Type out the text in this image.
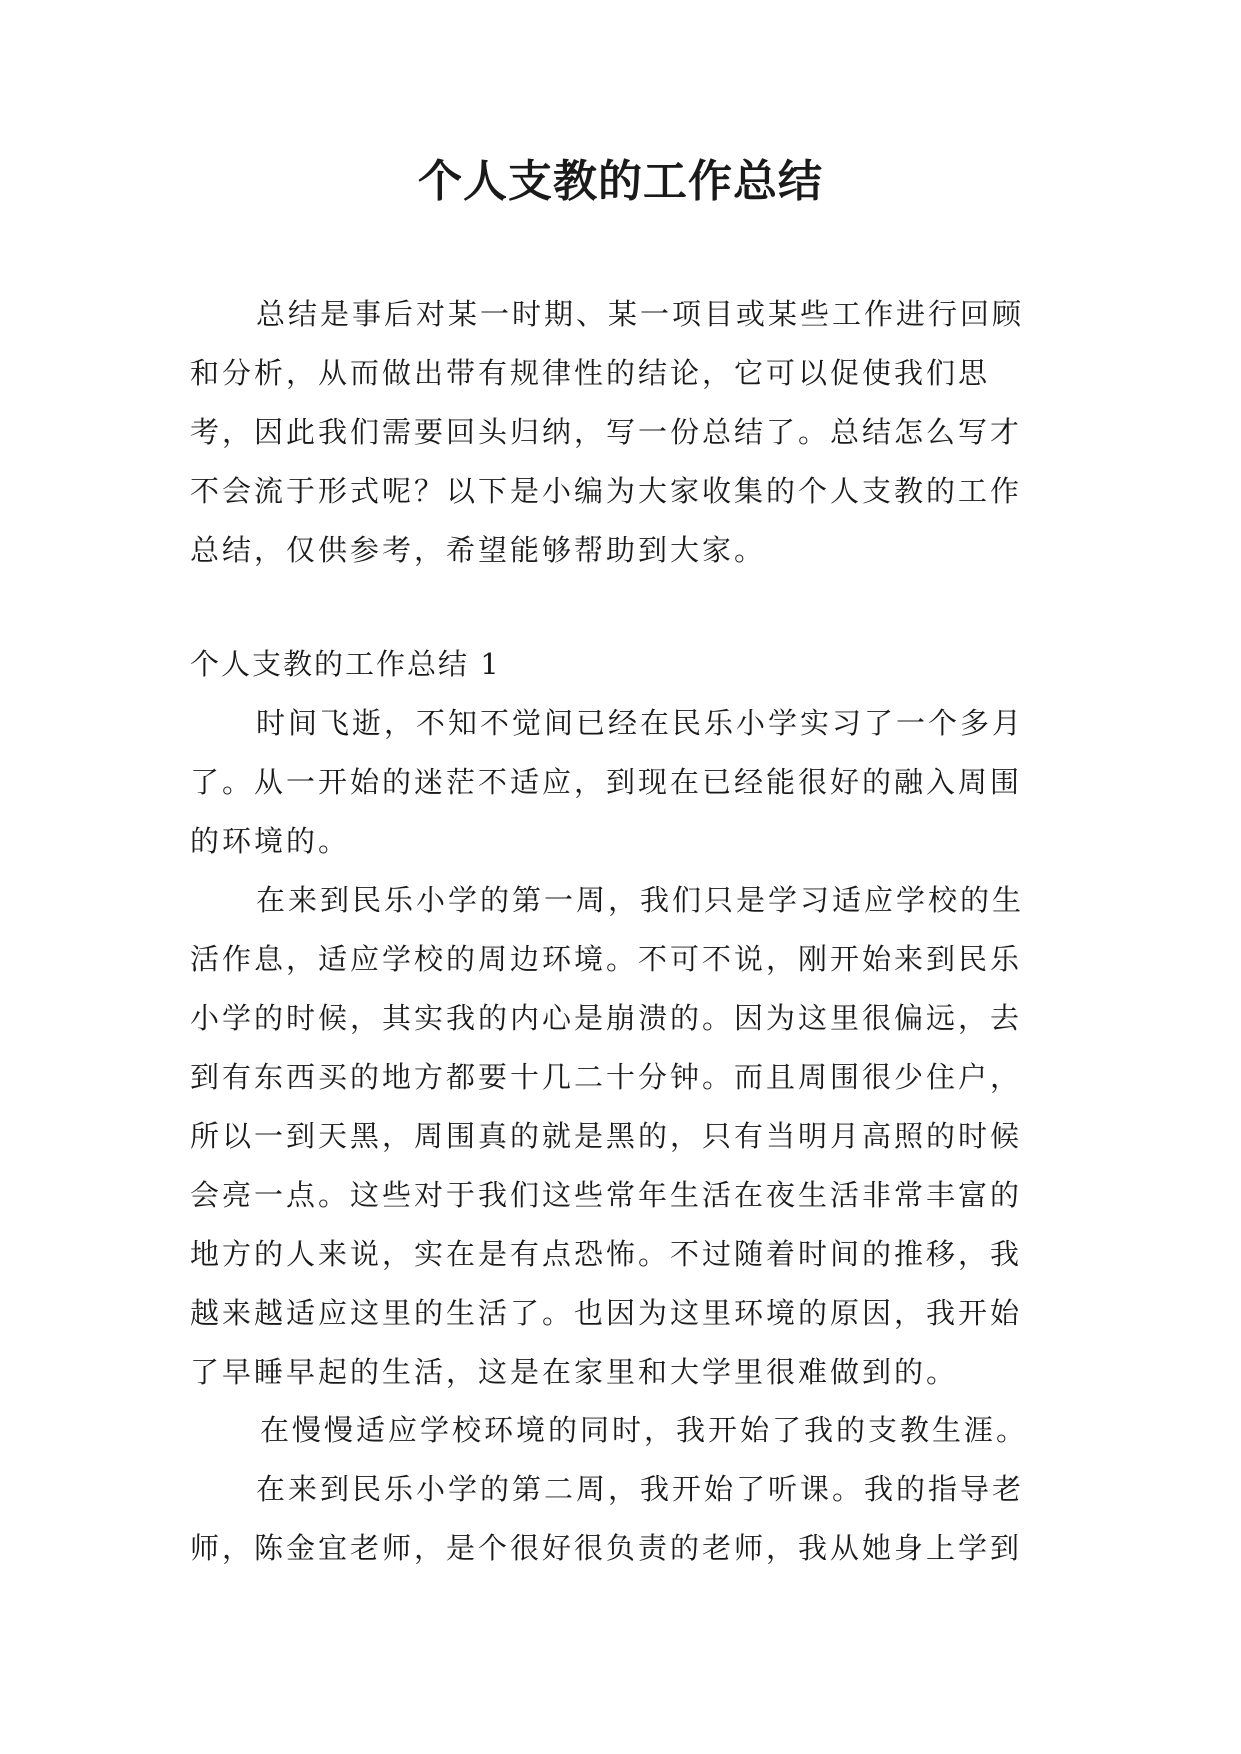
个人支教的工作总结

总结是事后对某一时期、某一项目或某些工作进行回顾和分析，从而做出带有规律性的结论，它可以促使我们思考，因此我们需要回头归纳，写一份总结了。总结怎么写才不会流于形式呢？以下是小编为大家收集的个人支教的工作总结，仅供参考，希望能够帮助到大家。

个人支教的工作总结 1

时间飞逝，不知不觉间已经在民乐小学实习了一个多月了。从一开始的迷茫不适应，到现在已经能很好的融入周围的环境的。

在来到民乐小学的第一周，我们只是学习适应学校的生活作息，适应学校的周边环境。不可不说，刚开始来到民乐小学的时候，其实我的内心是崩溃的。因为这里很偏远，去到有东西买的地方都要十几二十分钟。而且周围很少住户，所以一到天黑，周围真的就是黑的，只有当明月高照的时候会亮一点。这些对于我们这些常年生活在夜生活非常丰富的地方的人来说，实在是有点恐怖。不过随着时间的推移，我越来越适应这里的生活了。也因为这里环境的原因，我开始了早睡早起的生活，这是在家里和大学里很难做到的。

在慢慢适应学校环境的同时，我开始了我的支教生涯。

在来到民乐小学的第二周，我开始了听课。我的指导老师，陈金宜老师，是个很好很负责的老师，我从她身上学到
